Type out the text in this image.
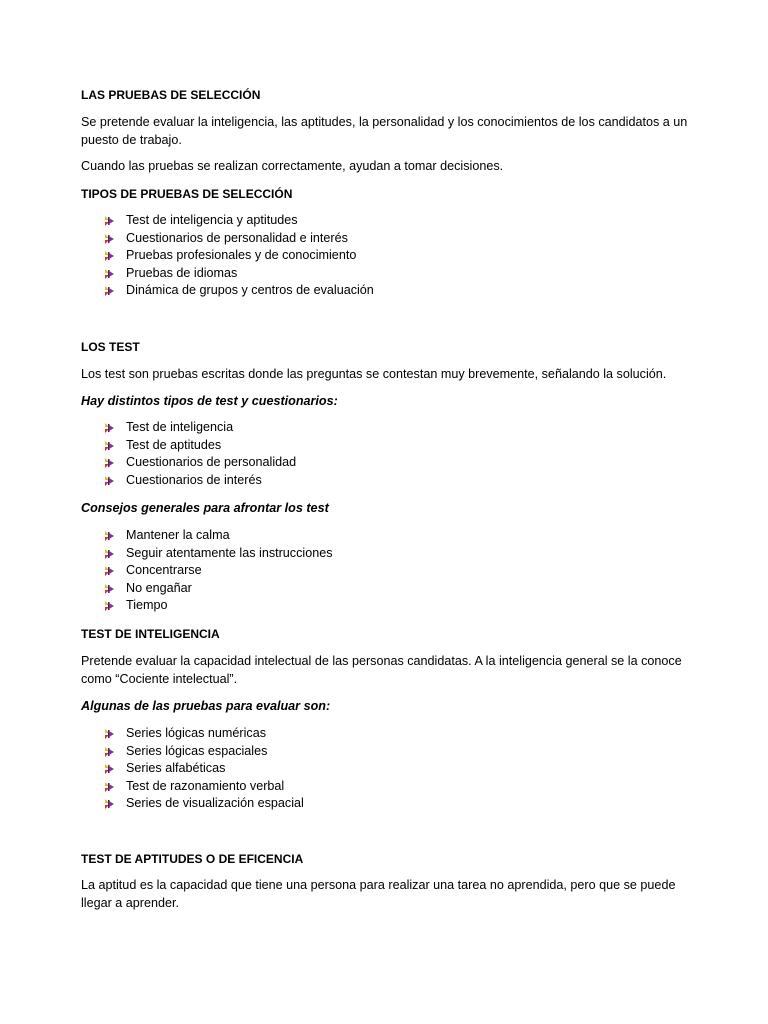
LAS PRUEBAS DE SELECCIÓN
Se pretende evaluar la inteligencia, las aptitudes, la personalidad y los conocimientos de los candidatos a un puesto de trabajo.
Cuando las pruebas se realizan correctamente, ayudan a tomar decisiones.
TIPOS DE PRUEBAS DE SELECCIÓN
Test de inteligencia y aptitudes
Cuestionarios de personalidad e interés
Pruebas profesionales y de conocimiento
Pruebas de idiomas
Dinámica de grupos y centros de evaluación
LOS TEST
Los test son pruebas escritas donde las preguntas se contestan muy brevemente, señalando la solución.
Hay distintos tipos de test y cuestionarios:
Test de inteligencia
Test de aptitudes
Cuestionarios de personalidad
Cuestionarios de interés
Consejos generales para afrontar los test
Mantener la calma
Seguir atentamente las instrucciones
Concentrarse
No engañar
Tiempo
TEST DE INTELIGENCIA
Pretende evaluar la capacidad intelectual de las personas candidatas. A la inteligencia general se la conoce como “Cociente intelectual”.
Algunas de las pruebas para evaluar son:
Series lógicas numéricas
Series lógicas espaciales
Series alfabéticas
Test de razonamiento verbal
Series de visualización espacial
TEST DE APTITUDES O DE EFICENCIA
La aptitud es la capacidad que tiene una persona para realizar una tarea no aprendida, pero que se puede llegar a aprender.
